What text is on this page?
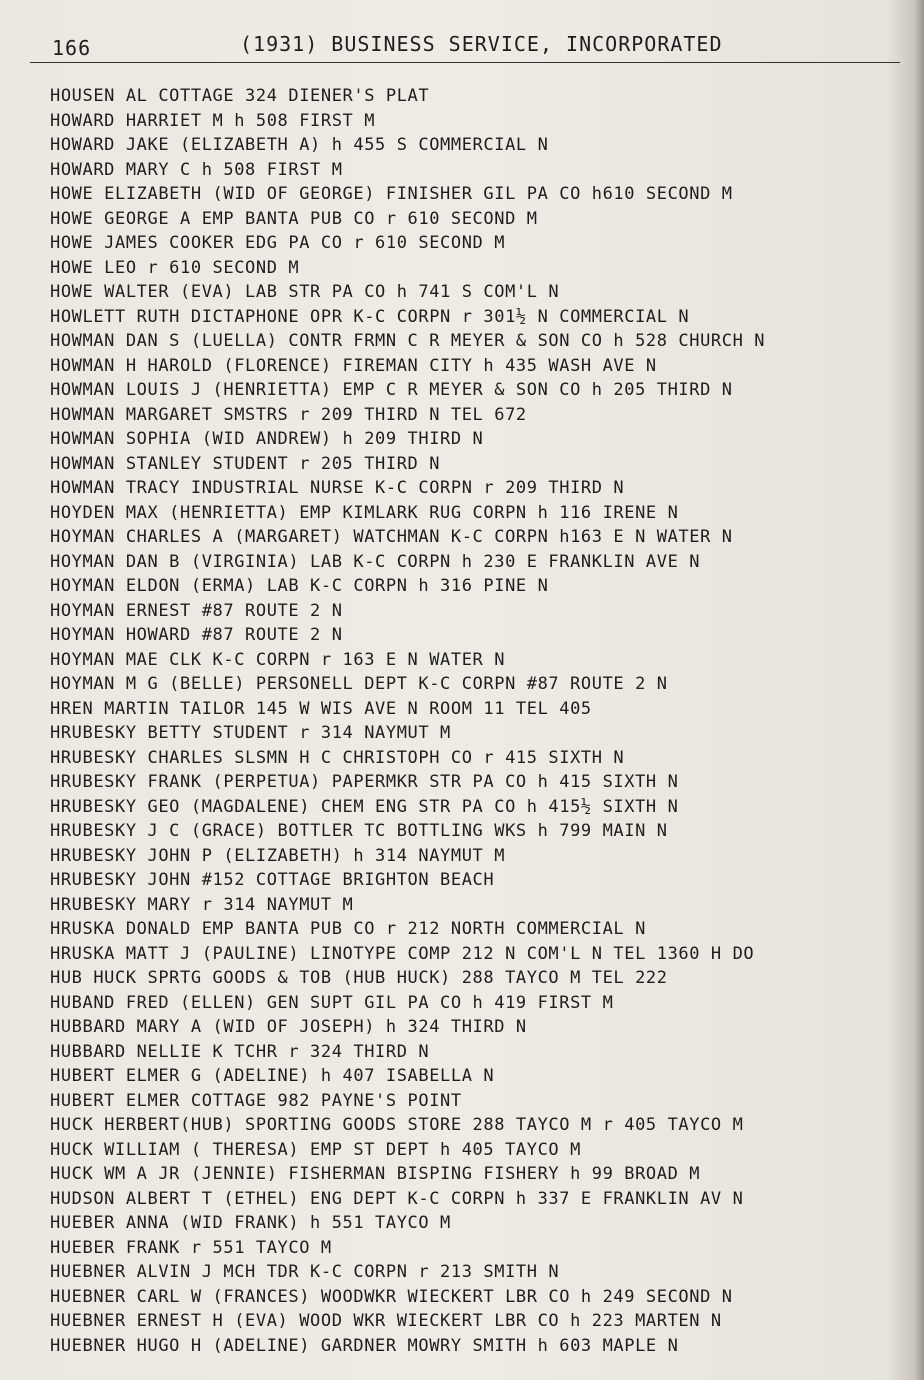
166	(1931) BUSINESS SERVICE, INCORPORATED
HOUSEN AL COTTAGE 324 DIENER'S PLAT
HOWARD HARRIET M h 508 FIRST M
HOWARD JAKE (ELIZABETH A) h 455 S COMMERCIAL N
HOWARD MARY C h 508 FIRST M
HOWE ELIZABETH (WID OF GEORGE) FINISHER GIL PA CO h610 SECOND M
HOWE GEORGE A EMP BANTA PUB CO r 610 SECOND M
HOWE JAMES COOKER EDG PA CO r 610 SECOND M
HOWE LEO r 610 SECOND M
HOWE WALTER (EVA) LAB STR PA CO h 741 S COM'L N
HOWLETT RUTH DICTAPHONE OPR K-C CORPN r 301½ N COMMERCIAL N
HOWMAN DAN S (LUELLA) CONTR FRMN C R MEYER & SON CO h 528 CHURCH N
HOWMAN H HAROLD (FLORENCE) FIREMAN CITY h 435 WASH AVE N
HOWMAN LOUIS J (HENRIETTA) EMP C R MEYER & SON CO h 205 THIRD N
HOWMAN MARGARET SMSTRS r 209 THIRD N TEL 672
HOWMAN SOPHIA (WID ANDREW) h 209 THIRD N
HOWMAN STANLEY STUDENT r 205 THIRD N
HOWMAN TRACY INDUSTRIAL NURSE K-C CORPN r 209 THIRD N
HOYDEN MAX (HENRIETTA) EMP KIMLARK RUG CORPN h 116 IRENE N
HOYMAN CHARLES A (MARGARET) WATCHMAN K-C CORPN h163 E N WATER N
HOYMAN DAN B (VIRGINIA) LAB K-C CORPN h 230 E FRANKLIN AVE N
HOYMAN ELDON (ERMA) LAB K-C CORPN h 316 PINE N
HOYMAN ERNEST #87 ROUTE 2 N
HOYMAN HOWARD #87 ROUTE 2 N
HOYMAN MAE CLK K-C CORPN r 163 E N WATER N
HOYMAN M G (BELLE) PERSONELL DEPT K-C CORPN #87 ROUTE 2 N
HREN MARTIN TAILOR 145 W WIS AVE N ROOM 11 TEL 405
HRUBESKY BETTY STUDENT r 314 NAYMUT M
HRUBESKY CHARLES SLSMN H C CHRISTOPH CO r 415 SIXTH N
HRUBESKY FRANK (PERPETUA) PAPERMKR STR PA CO h 415 SIXTH N
HRUBESKY GEO (MAGDALENE) CHEM ENG STR PA CO h 415½ SIXTH N
HRUBESKY J C (GRACE) BOTTLER TC BOTTLING WKS h 799 MAIN N
HRUBESKY JOHN P (ELIZABETH) h 314 NAYMUT M
HRUBESKY JOHN #152 COTTAGE BRIGHTON BEACH
HRUBESKY MARY r 314 NAYMUT M
HRUSKA DONALD EMP BANTA PUB CO r 212 NORTH COMMERCIAL N
HRUSKA MATT J (PAULINE) LINOTYPE COMP 212 N COM'L N TEL 1360 H DO
HUB HUCK SPRTG GOODS & TOB (HUB HUCK) 288 TAYCO M TEL 222
HUBAND FRED (ELLEN) GEN SUPT GIL PA CO h 419 FIRST M
HUBBARD MARY A (WID OF JOSEPH) h 324 THIRD N
HUBBARD NELLIE K TCHR r 324 THIRD N
HUBERT ELMER G (ADELINE) h 407 ISABELLA N
HUBERT ELMER COTTAGE 982 PAYNE'S POINT
HUCK HERBERT(HUB) SPORTING GOODS STORE 288 TAYCO M r 405 TAYCO M
HUCK WILLIAM ( THERESA) EMP ST DEPT h 405 TAYCO M
HUCK WM A JR (JENNIE) FISHERMAN BISPING FISHERY h 99 BROAD M
HUDSON ALBERT T (ETHEL) ENG DEPT K-C CORPN h 337 E FRANKLIN AV N
HUEBER ANNA (WID FRANK) h 551 TAYCO M
HUEBER FRANK r 551 TAYCO M
HUEBNER ALVIN J MCH TDR K-C CORPN r 213 SMITH N
HUEBNER CARL W (FRANCES) WOODWKR WIECKERT LBR CO h 249 SECOND N
HUEBNER ERNEST H (EVA) WOOD WKR WIECKERT LBR CO h 223 MARTEN N
HUEBNER HUGO H (ADELINE) GARDNER MOWRY SMITH h 603 MAPLE N
